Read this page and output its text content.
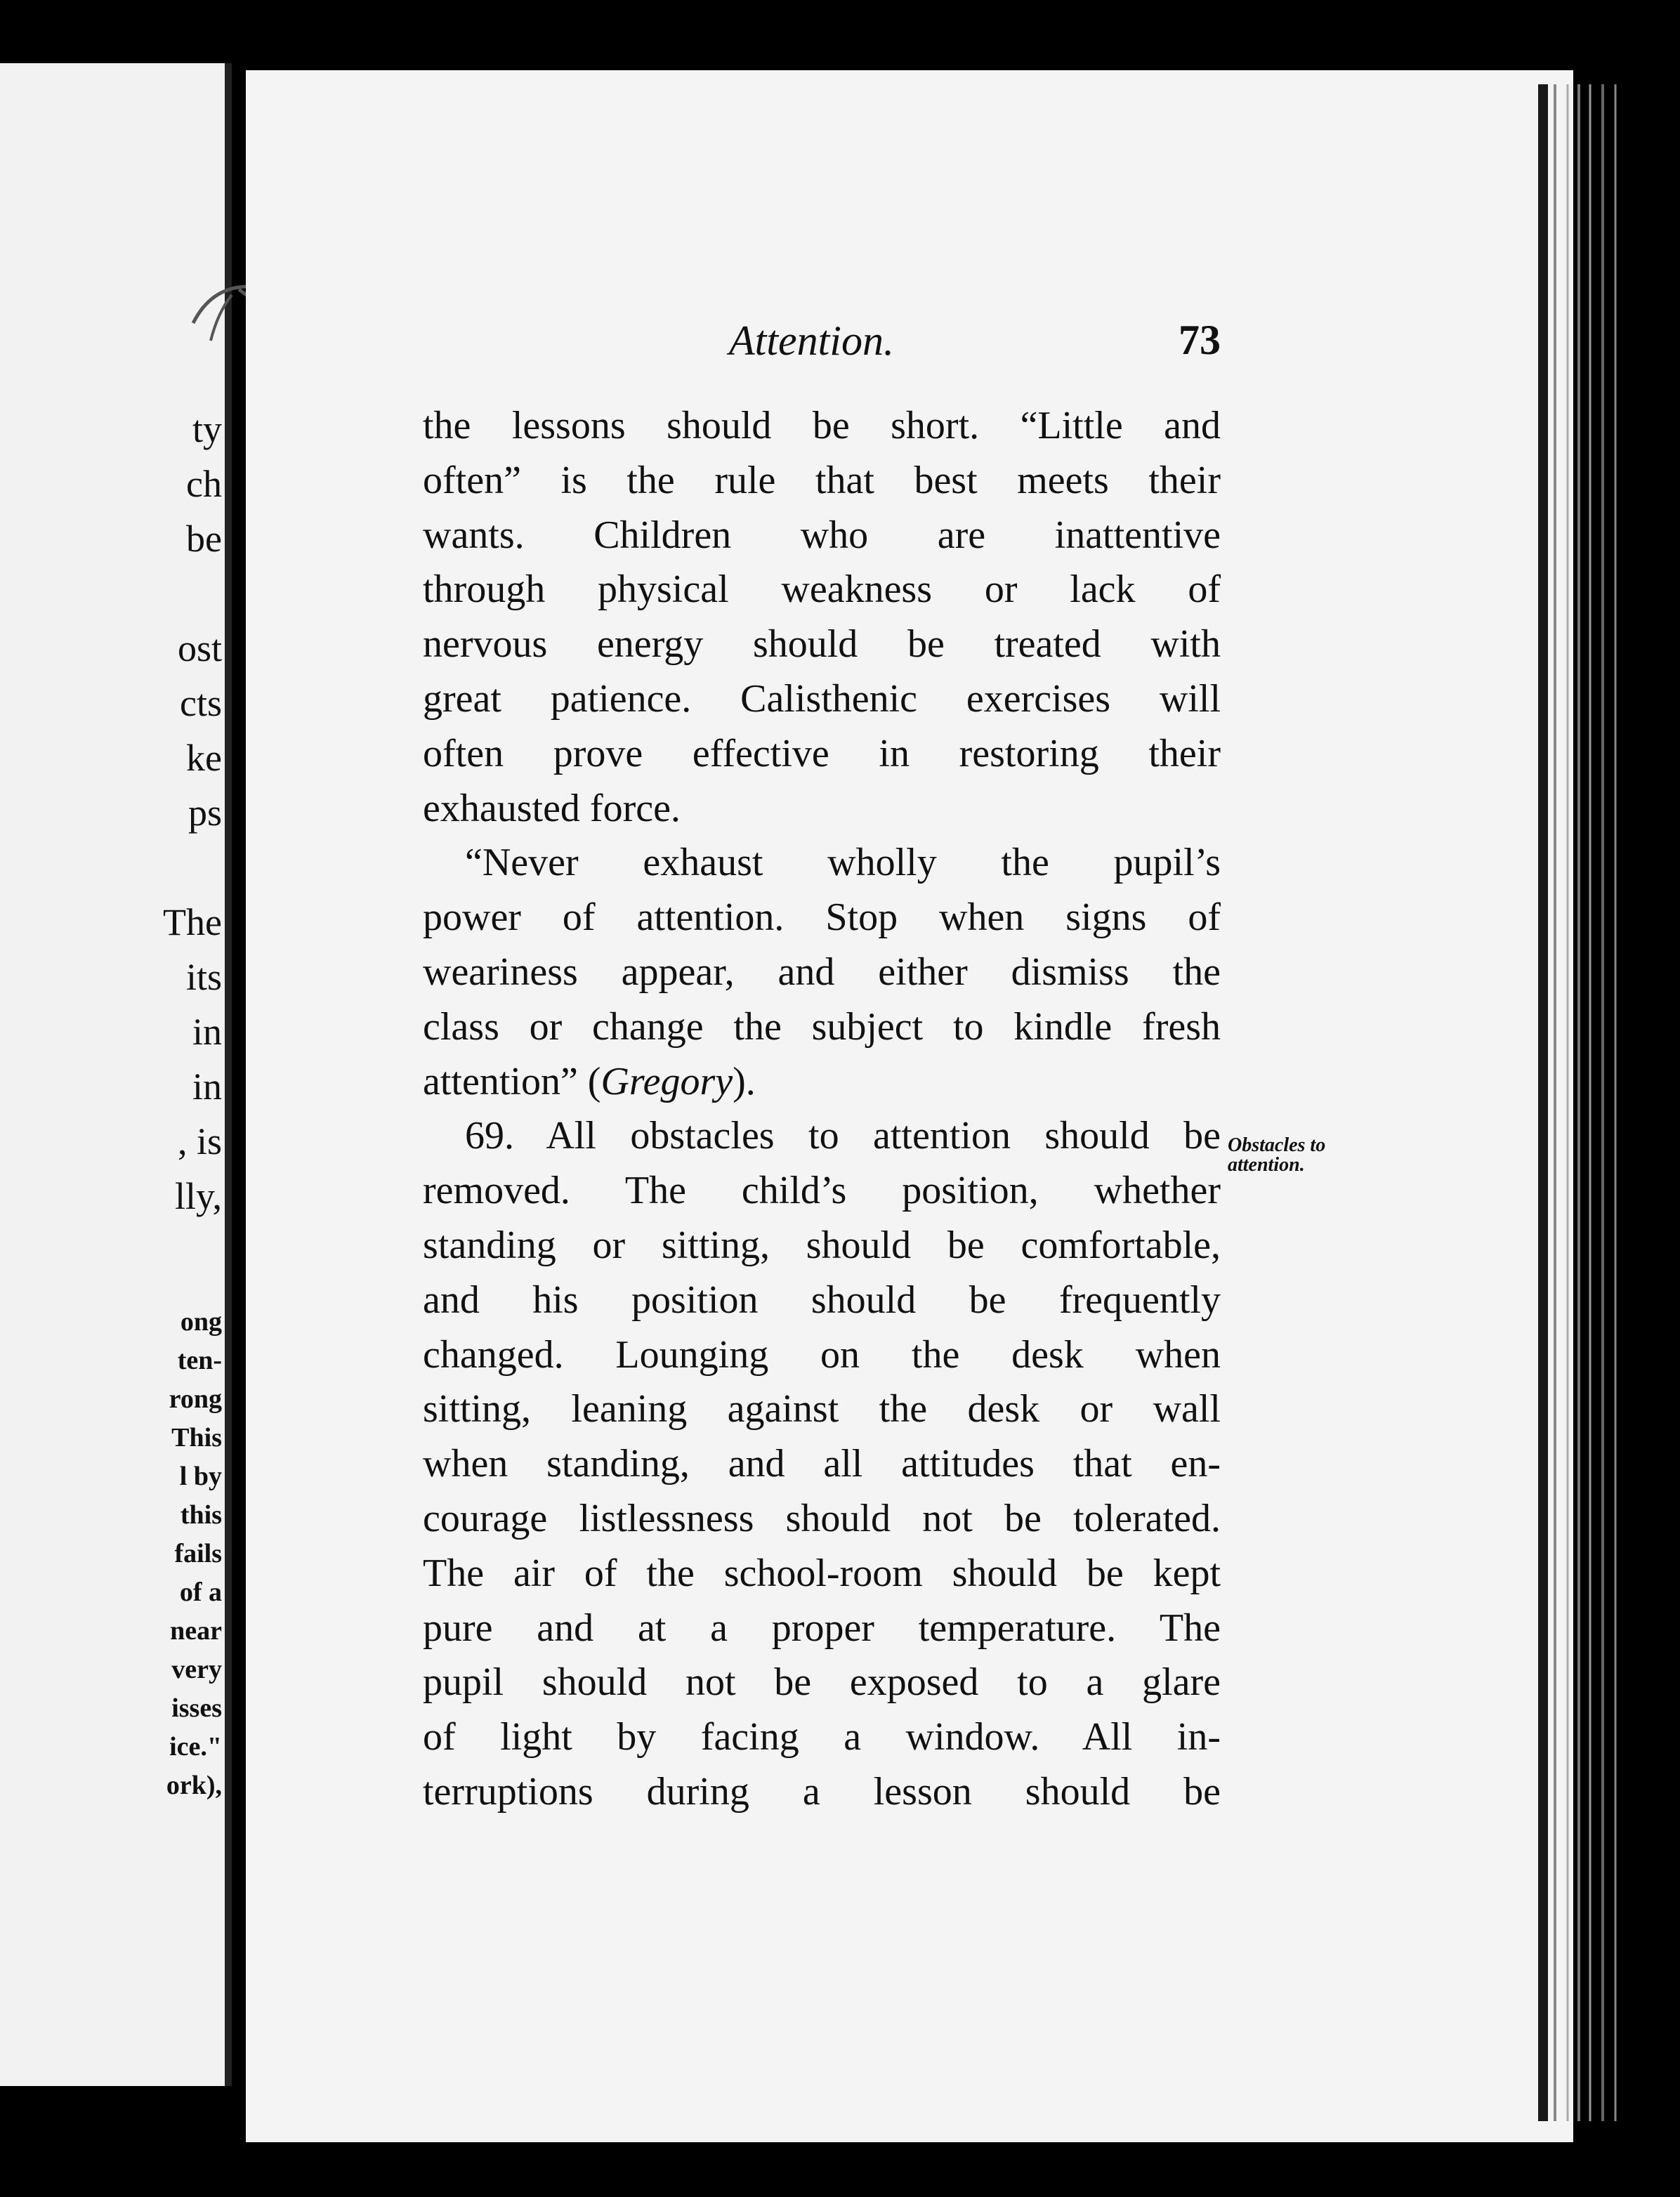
ty
ch
be
ost
cts
ke
ps
The
its
in
in
, is
lly,
ong
ten-
rong
This
l by
this
fails
of a
near
very
isses
ice."
ork),
Attention.	73
the lessons should be short. “Little and
often” is the rule that best meets their
wants. Children who are inattentive
through physical weakness or lack of
nervous energy should be treated with
great patience. Calisthenic exercises will
often prove effective in restoring their
exhausted force.
“Never exhaust wholly the pupil’s
power of attention. Stop when signs of
weariness appear, and either dismiss the
class or change the subject to kindle fresh
attention” (Gregory).
69. All obstacles to attention should be
removed. The child’s position, whether
standing or sitting, should be comfortable,
and his position should be frequently
changed. Lounging on the desk when
sitting, leaning against the desk or wall
when standing, and all attitudes that en-
courage listlessness should not be tolerated.
The air of the school-room should be kept
pure and at a proper temperature. The
pupil should not be exposed to a glare
of light by facing a window. All in-
terruptions during a lesson should be
Obstacles to
attention.
